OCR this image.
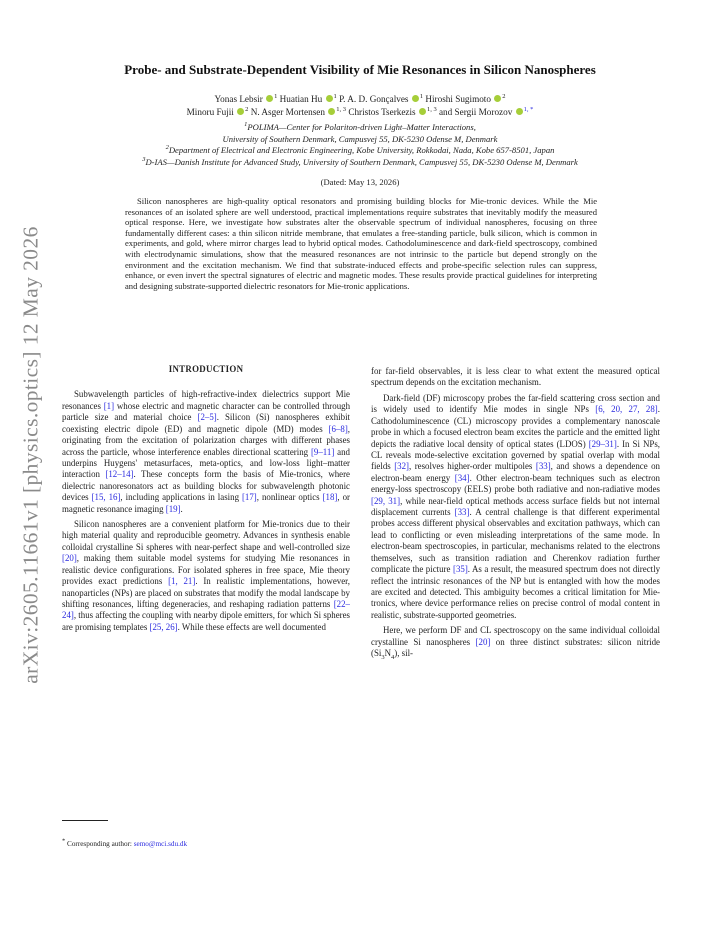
arXiv:2605.11661v1 [physics.optics] 12 May 2026
Probe- and Substrate-Dependent Visibility of Mie Resonances in Silicon Nanospheres
Yonas Lebsir $^1$ Huatian Hu $^1$ P. A. D. Gonçalves $^1$ Hiroshi Sugimoto $^2$
Minoru Fujii $^2$ N. Asger Mortensen $^{1, 3}$ Christos Tserkezis $^{1, 3}$ and Sergii Morozov $^{1, *}$
$^1$POLIMA—Center for Polariton-driven Light–Matter Interactions,
University of Southern Denmark, Campusvej 55, DK-5230 Odense M, Denmark
$^2$Department of Electrical and Electronic Engineering, Kobe University, Rokkodai, Nada, Kobe 657-8501, Japan
$^3$D-IAS—Danish Institute for Advanced Study, University of Southern Denmark, Campusvej 55, DK-5230 Odense M, Denmark
(Dated: May 13, 2026)
Silicon nanospheres are high-quality optical resonators and promising building blocks for Mie-tronic devices. While the Mie resonances of an isolated sphere are well understood, practical implementations require substrates that inevitably modify the measured optical response. Here, we investigate how substrates alter the observable spectrum of individual nanospheres, focusing on three fundamentally different cases: a thin silicon nitride membrane, that emulates a free-standing particle, bulk silicon, which is common in experiments, and gold, where mirror charges lead to hybrid optical modes. Cathodoluminescence and dark-field spectroscopy, combined with electrodynamic simulations, show that the measured resonances are not intrinsic to the particle but depend strongly on the environment and the excitation mechanism. We find that substrate-induced effects and probe-specific selection rules can suppress, enhance, or even invert the spectral signatures of electric and magnetic modes. These results provide practical guidelines for interpreting and designing substrate-supported dielectric resonators for Mie-tronic applications.
INTRODUCTION

Subwavelength particles of high-refractive-index dielectrics support Mie resonances [1] whose electric and magnetic character can be controlled through particle size and material choice [2–5]. Silicon (Si) nanospheres exhibit coexisting electric dipole (ED) and magnetic dipole (MD) modes [6–8], originating from the excitation of polarization charges with different phases across the particle, whose interference enables directional scattering [9–11] and underpins Huygens' metasurfaces, meta-optics, and low-loss light–matter interaction [12–14]. These concepts form the basis of Mie-tronics, where dielectric nanoresonators act as building blocks for subwavelength photonic devices [15, 16], including applications in lasing [17], nonlinear optics [18], or magnetic resonance imaging [19].

Silicon nanospheres are a convenient platform for Mie-tronics due to their high material quality and reproducible geometry. Advances in synthesis enable colloidal crystalline Si spheres with near-perfect shape and well-controlled size [20], making them suitable model systems for studying Mie resonances in realistic device configurations. For isolated spheres in free space, Mie theory provides exact predictions [1, 21]. In realistic implementations, however, nanoparticles (NPs) are placed on substrates that modify the modal landscape by shifting resonances, lifting degeneracies, and reshaping radiation patterns [22–24], thus affecting the coupling with nearby dipole emitters, for which Si spheres are promising templates [25, 26]. While these effects are well documented

for far-field observables, it is less clear to what extent the measured optical spectrum depends on the excitation mechanism.

Dark-field (DF) microscopy probes the far-field scattering cross section and is widely used to identify Mie modes in single NPs [6, 20, 27, 28]. Cathodoluminescence (CL) microscopy provides a complementary nanoscale probe in which a focused electron beam excites the particle and the emitted light depicts the radiative local density of optical states (LDOS) [29–31]. In Si NPs, CL reveals mode-selective excitation governed by spatial overlap with modal fields [32], resolves higher-order multipoles [33], and shows a dependence on electron-beam energy [34]. Other electron-beam techniques such as electron energy-loss spectroscopy (EELS) probe both radiative and non-radiative modes [29, 31], while near-field optical methods access surface fields but not internal displacement currents [33]. A central challenge is that different experimental probes access different physical observables and excitation pathways, which can lead to conflicting or even misleading interpretations of the same mode. In electron-beam spectroscopies, in particular, mechanisms related to the electrons themselves, such as transition radiation and Cherenkov radiation further complicate the picture [35]. As a result, the measured spectrum does not directly reflect the intrinsic resonances of the NP but is entangled with how the modes are excited and detected. This ambiguity becomes a critical limitation for Mie-tronics, where device performance relies on precise control of modal content in realistic, substrate-supported geometries.

Here, we perform DF and CL spectroscopy on the same individual colloidal crystalline Si nanospheres [20] on three distinct substrates: silicon nitride $(Si_3N_4)$, sil-

* Corresponding author: semo@mci.sdu.dk
